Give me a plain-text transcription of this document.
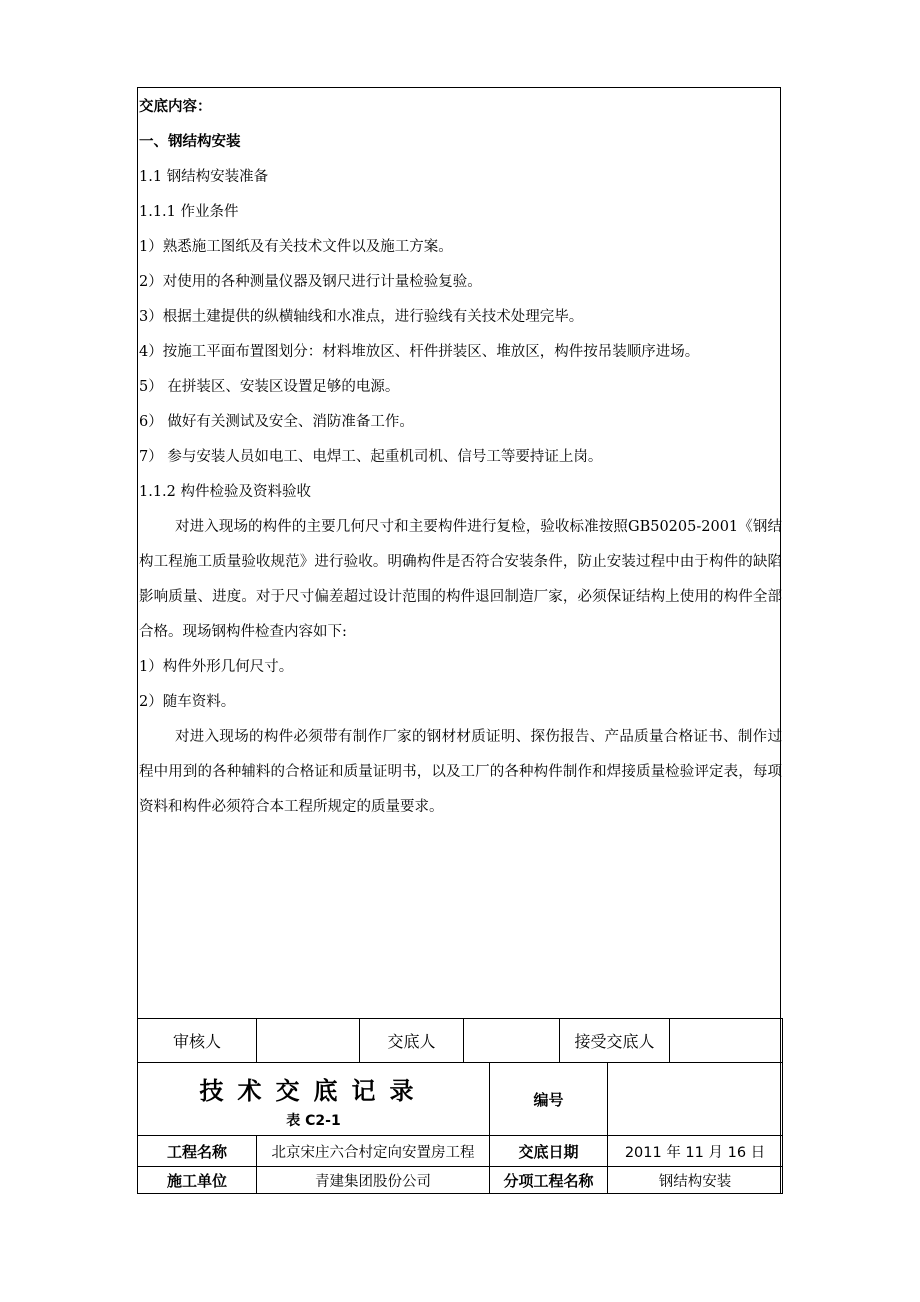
交底内容：

一、钢结构安装

1.1 钢结构安装准备

1.1.1 作业条件

1）熟悉施工图纸及有关技术文件以及施工方案。

2）对使用的各种测量仪器及钢尺进行计量检验复验。

3）根据土建提供的纵横轴线和水准点，进行验线有关技术处理完毕。

4）按施工平面布置图划分：材料堆放区、杆件拼装区、堆放区，构件按吊装顺序进场。

5） 在拼装区、安装区设置足够的电源。

6） 做好有关测试及安全、消防准备工作。

7） 参与安装人员如电工、电焊工、起重机司机、信号工等要持证上岗。

1.1.2 构件检验及资料验收

对进入现场的构件的主要几何尺寸和主要构件进行复检，验收标准按照GB50205-2001《钢结构工程施工质量验收规范》进行验收。明确构件是否符合安装条件，防止安装过程中由于构件的缺陷影响质量、进度。对于尺寸偏差超过设计范围的构件退回制造厂家，必须保证结构上使用的构件全部合格。现场钢构件检查内容如下:

1）构件外形几何尺寸。

2）随车资料。

对进入现场的构件必须带有制作厂家的钢材材质证明、探伤报告、产品质量合格证书、制作过程中用到的各种辅料的合格证和质量证明书，以及工厂的各种构件制作和焊接质量检验评定表，每项资料和构件必须符合本工程所规定的质量要求。

审核人		交底人		接受交底人	
技术交底记录
表 C2-1		编号	
工程名称	北京宋庄六合村定向安置房工程	交底日期	2011 年 11 月 16 日
施工单位	青建集团股份公司	分项工程名称	钢结构安装
